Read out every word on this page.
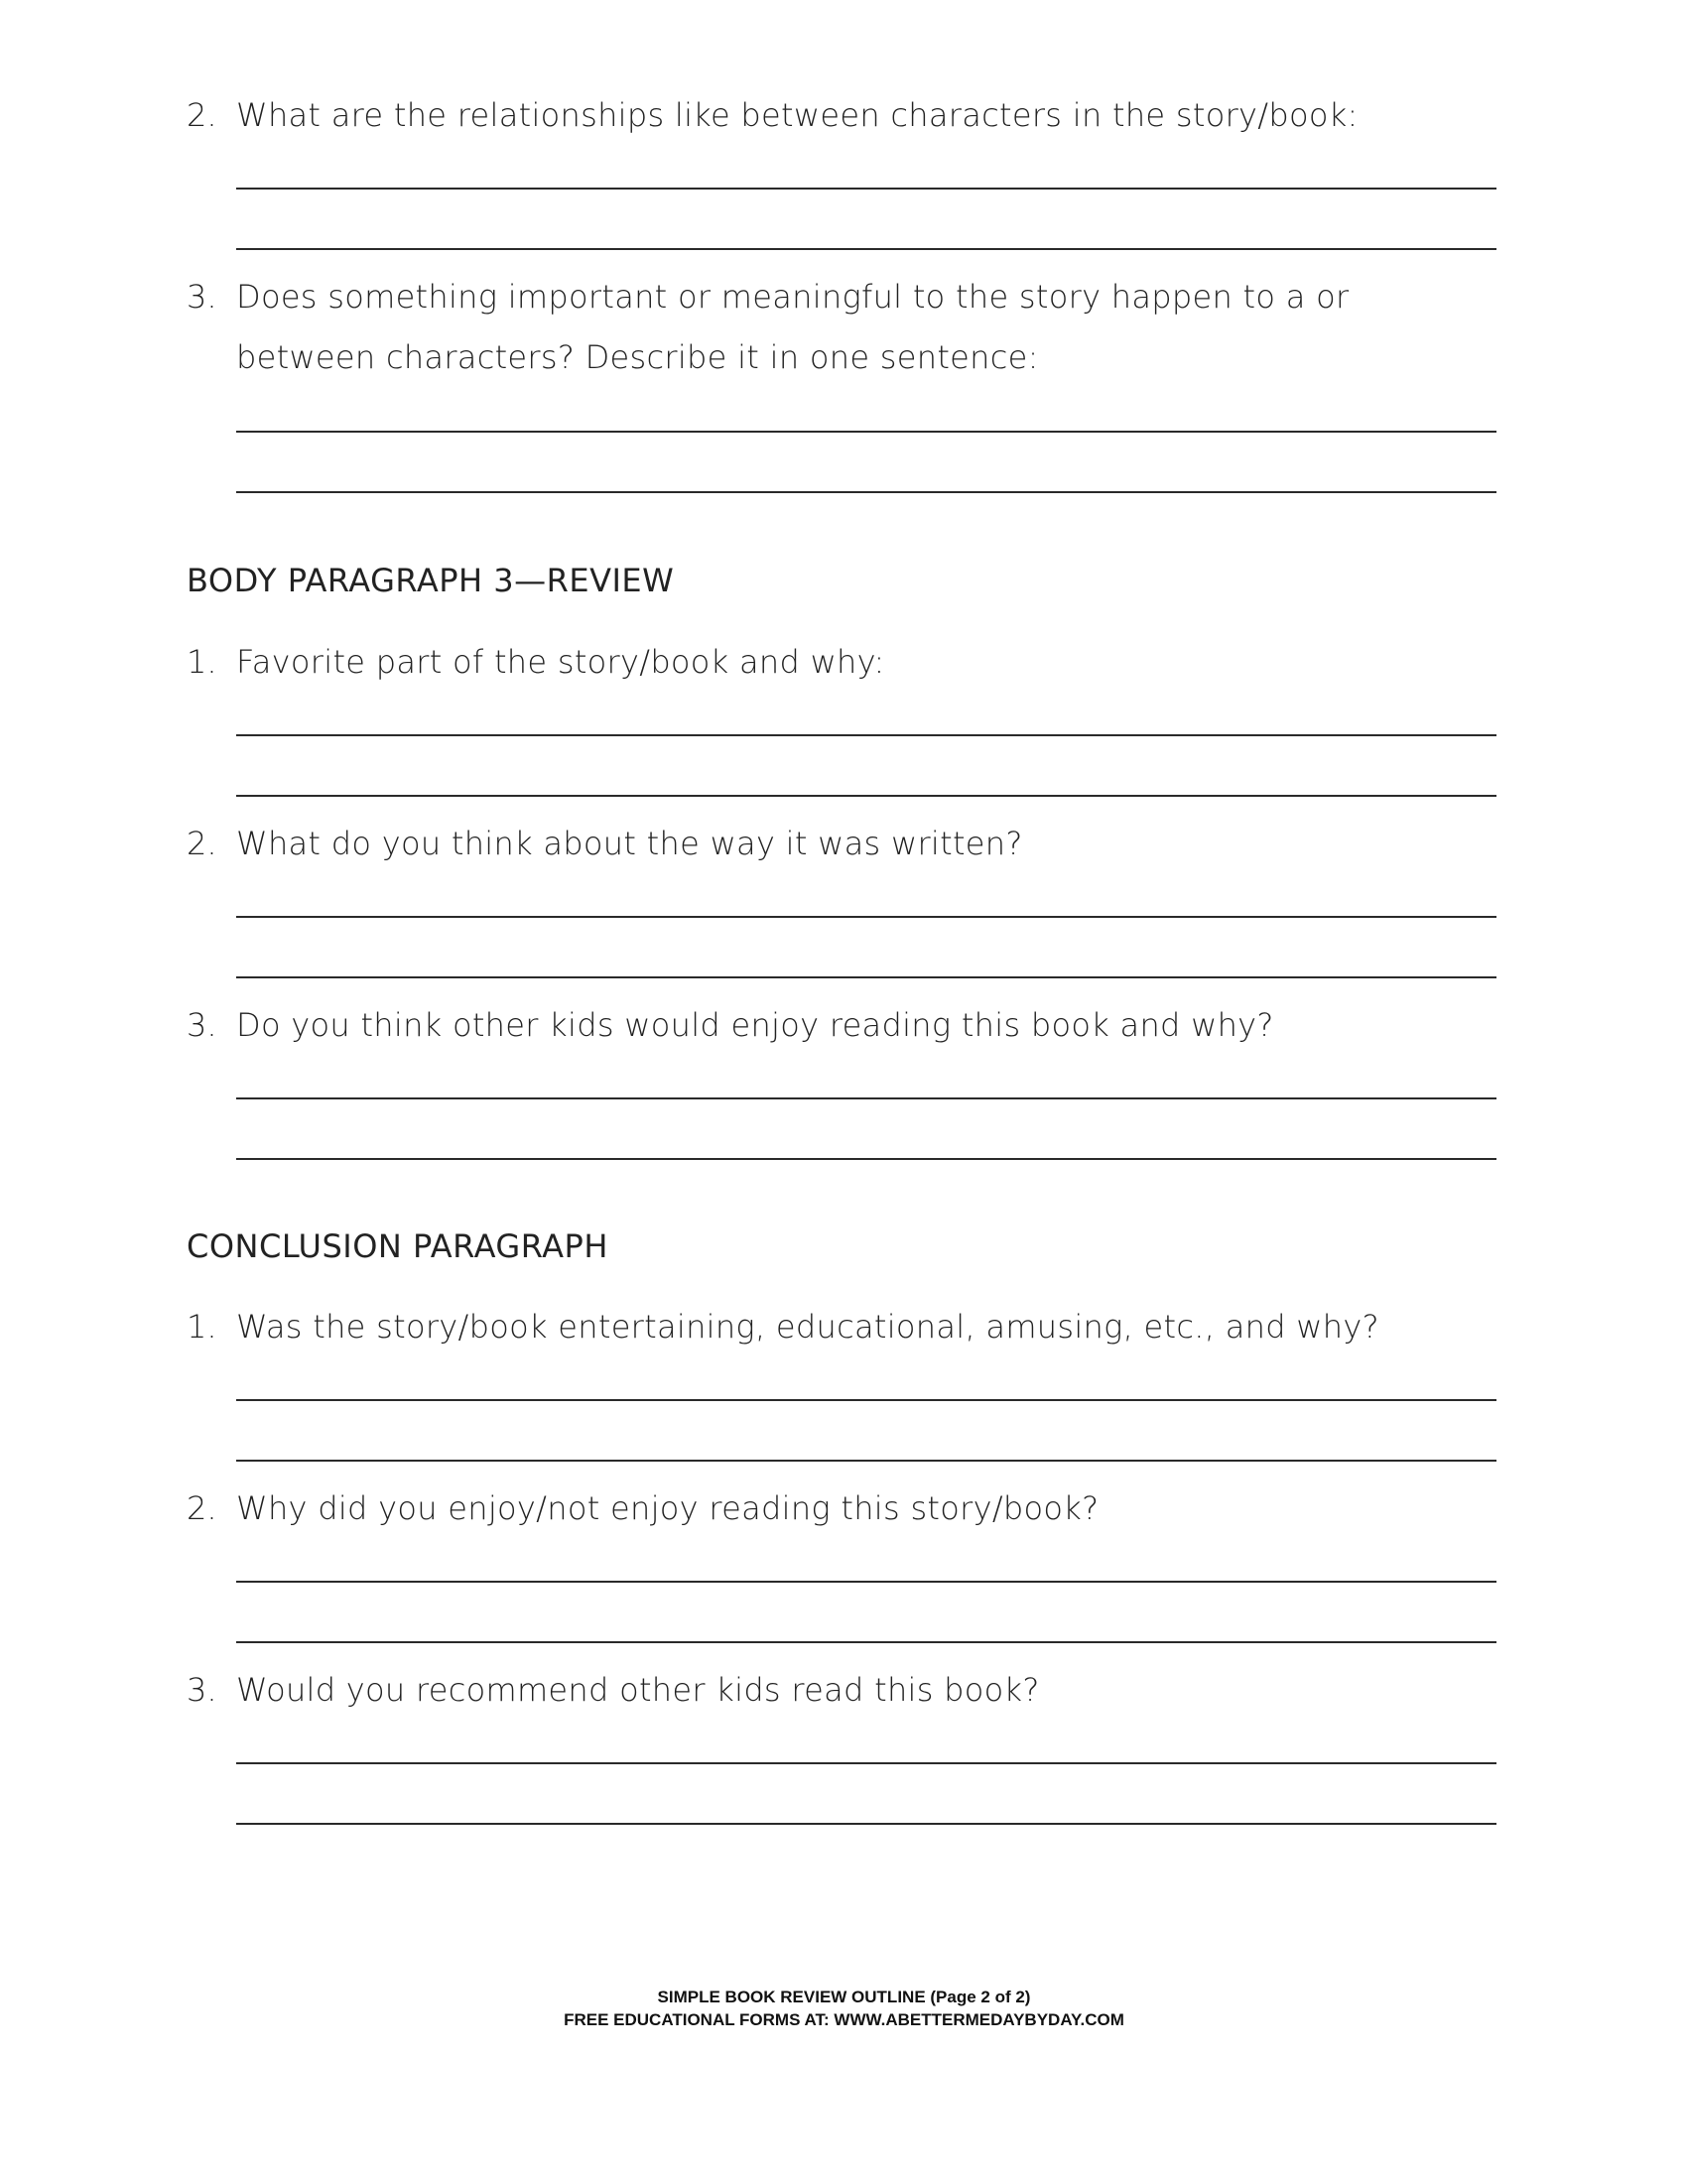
2. What are the relationships like between characters in the story/book:
3. Does something important or meaningful to the story happen to a or between characters? Describe it in one sentence:
BODY PARAGRAPH 3—REVIEW
1. Favorite part of the story/book and why:
2. What do you think about the way it was written?
3. Do you think other kids would enjoy reading this book and why?
CONCLUSION PARAGRAPH
1. Was the story/book entertaining, educational, amusing, etc., and why?
2. Why did you enjoy/not enjoy reading this story/book?
3. Would you recommend other kids read this book?
SIMPLE BOOK REVIEW OUTLINE (Page 2 of 2)
FREE EDUCATIONAL FORMS AT: WWW.ABETTERMEDAYBYDAY.COM
